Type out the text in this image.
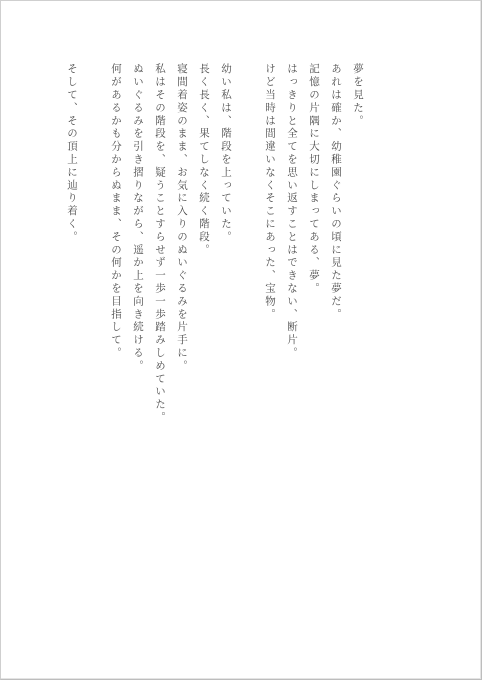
夢を見た。
あれは確か、幼稚園ぐらいの頃に見た夢だ。
記憶の片隅に大切にしまってある、夢。
はっきりと全てを思い返すことはできない、断片。
けど当時は間違いなくそこにあった、宝物。
幼い私は、階段を上っていた。
長く長く、果てしなく続く階段。
寝間着姿のまま、お気に入りのぬいぐるみを片手に。
私はその階段を、疑うことすらせず一歩一歩踏みしめていた。
ぬいぐるみを引き摺りながら、遥か上を向き続ける。
何があるかも分からぬまま、その何かを目指して。
そして、その頂上に辿り着く。
